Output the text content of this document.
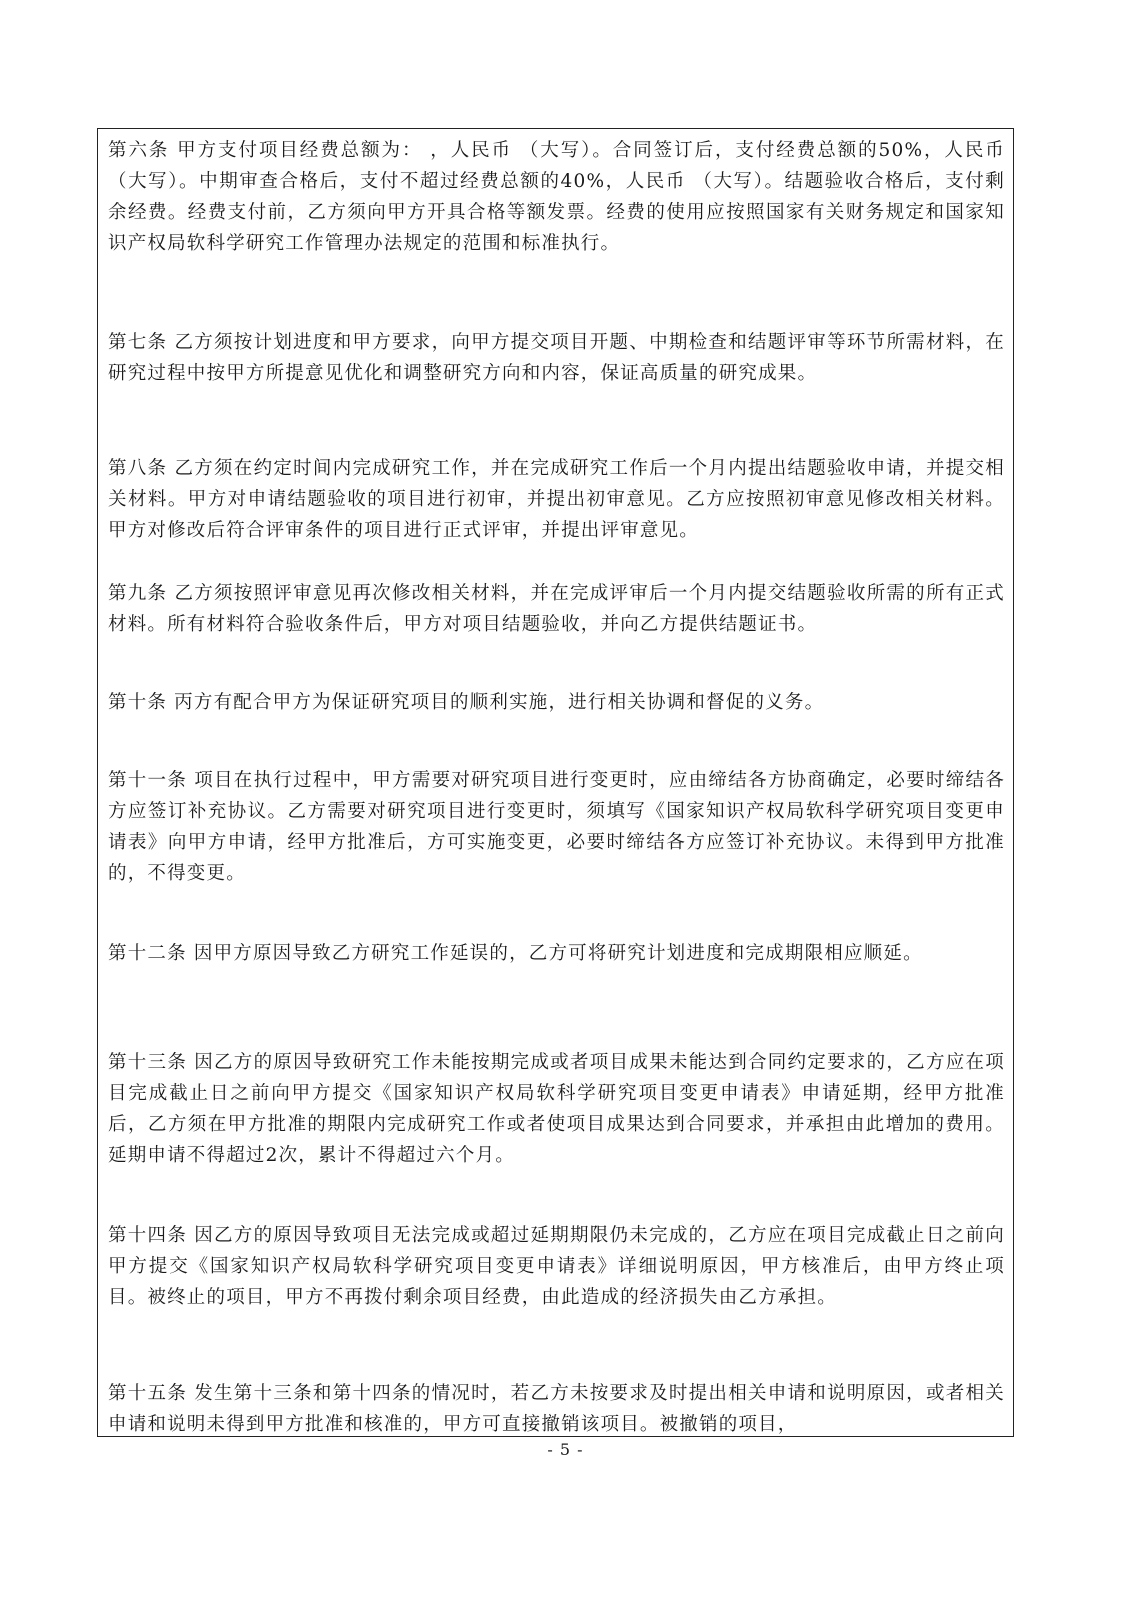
第六条 甲方支付项目经费总额为： ，人民币 （大写）。合同签订后，支付经费总额的50%，人民币 （大写）。中期审查合格后，支付不超过经费总额的40%，人民币 （大写）。结题验收合格后，支付剩余经费。经费支付前，乙方须向甲方开具合格等额发票。经费的使用应按照国家有关财务规定和国家知识产权局软科学研究工作管理办法规定的范围和标准执行。

第七条 乙方须按计划进度和甲方要求，向甲方提交项目开题、中期检查和结题评审等环节所需材料，在研究过程中按甲方所提意见优化和调整研究方向和内容，保证高质量的研究成果。

第八条 乙方须在约定时间内完成研究工作，并在完成研究工作后一个月内提出结题验收申请，并提交相关材料。甲方对申请结题验收的项目进行初审，并提出初审意见。乙方应按照初审意见修改相关材料。甲方对修改后符合评审条件的项目进行正式评审，并提出评审意见。

第九条 乙方须按照评审意见再次修改相关材料，并在完成评审后一个月内提交结题验收所需的所有正式材料。所有材料符合验收条件后，甲方对项目结题验收，并向乙方提供结题证书。

第十条 丙方有配合甲方为保证研究项目的顺利实施，进行相关协调和督促的义务。

第十一条 项目在执行过程中，甲方需要对研究项目进行变更时，应由缔结各方协商确定，必要时缔结各方应签订补充协议。乙方需要对研究项目进行变更时，须填写《国家知识产权局软科学研究项目变更申请表》向甲方申请，经甲方批准后，方可实施变更，必要时缔结各方应签订补充协议。未得到甲方批准的，不得变更。

第十二条 因甲方原因导致乙方研究工作延误的，乙方可将研究计划进度和完成期限相应顺延。

第十三条 因乙方的原因导致研究工作未能按期完成或者项目成果未能达到合同约定要求的，乙方应在项目完成截止日之前向甲方提交《国家知识产权局软科学研究项目变更申请表》申请延期，经甲方批准后，乙方须在甲方批准的期限内完成研究工作或者使项目成果达到合同要求，并承担由此增加的费用。延期申请不得超过2次，累计不得超过六个月。

第十四条 因乙方的原因导致项目无法完成或超过延期期限仍未完成的，乙方应在项目完成截止日之前向甲方提交《国家知识产权局软科学研究项目变更申请表》详细说明原因，甲方核准后，由甲方终止项目。被终止的项目，甲方不再拨付剩余项目经费，由此造成的经济损失由乙方承担。

第十五条 发生第十三条和第十四条的情况时，若乙方未按要求及时提出相关申请和说明原因，或者相关申请和说明未得到甲方批准和核准的，甲方可直接撤销该项目。被撤销的项目，

- 5 -
